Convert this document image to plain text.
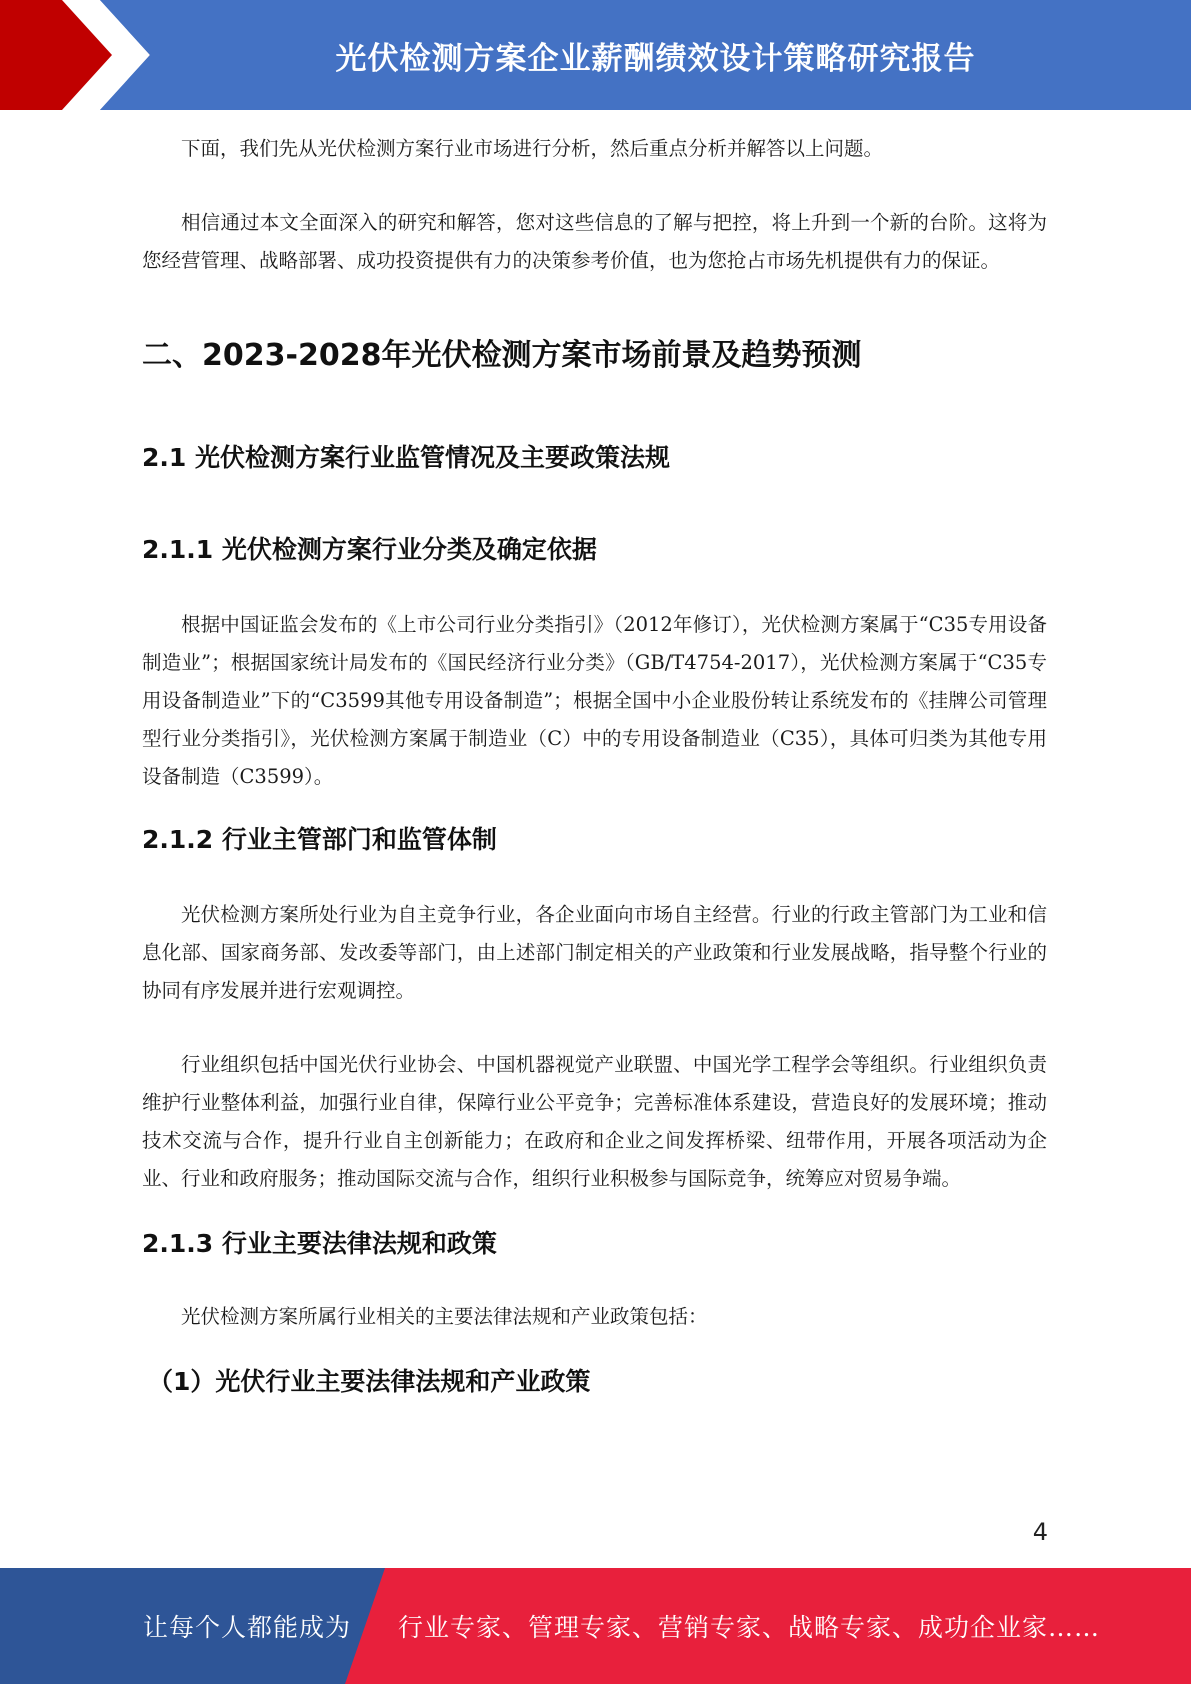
光伏检测方案企业薪酬绩效设计策略研究报告

下面，我们先从光伏检测方案行业市场进行分析，然后重点分析并解答以上问题。

相信通过本文全面深入的研究和解答，您对这些信息的了解与把控，将上升到一个新的台阶。这将为您经营管理、战略部署、成功投资提供有力的决策参考价值，也为您抢占市场先机提供有力的保证。

二、2023-2028年光伏检测方案市场前景及趋势预测
2.1 光伏检测方案行业监管情况及主要政策法规
2.1.1 光伏检测方案行业分类及确定依据

根据中国证监会发布的《上市公司行业分类指引》（2012年修订），光伏检测方案属于“C35专用设备制造业”；根据国家统计局发布的《国民经济行业分类》（GB/T4754-2017），光伏检测方案属于“C35专用设备制造业”下的“C3599其他专用设备制造”；根据全国中小企业股份转让系统发布的《挂牌公司管理型行业分类指引》，光伏检测方案属于制造业（C）中的专用设备制造业（C35），具体可归类为其他专用设备制造（C3599）。

2.1.2 行业主管部门和监管体制

光伏检测方案所处行业为自主竞争行业，各企业面向市场自主经营。行业的行政主管部门为工业和信息化部、国家商务部、发改委等部门，由上述部门制定相关的产业政策和行业发展战略，指导整个行业的协同有序发展并进行宏观调控。

行业组织包括中国光伏行业协会、中国机器视觉产业联盟、中国光学工程学会等组织。行业组织负责维护行业整体利益，加强行业自律，保障行业公平竞争；完善标准体系建设，营造良好的发展环境；推动技术交流与合作，提升行业自主创新能力；在政府和企业之间发挥桥梁、纽带作用，开展各项活动为企业、行业和政府服务；推动国际交流与合作，组织行业积极参与国际竞争，统筹应对贸易争端。

2.1.3 行业主要法律法规和政策

光伏检测方案所属行业相关的主要法律法规和产业政策包括：

（1）光伏行业主要法律法规和产业政策
4
让每个人都能成为 行业专家、管理专家、营销专家、战略专家、成功企业家……
